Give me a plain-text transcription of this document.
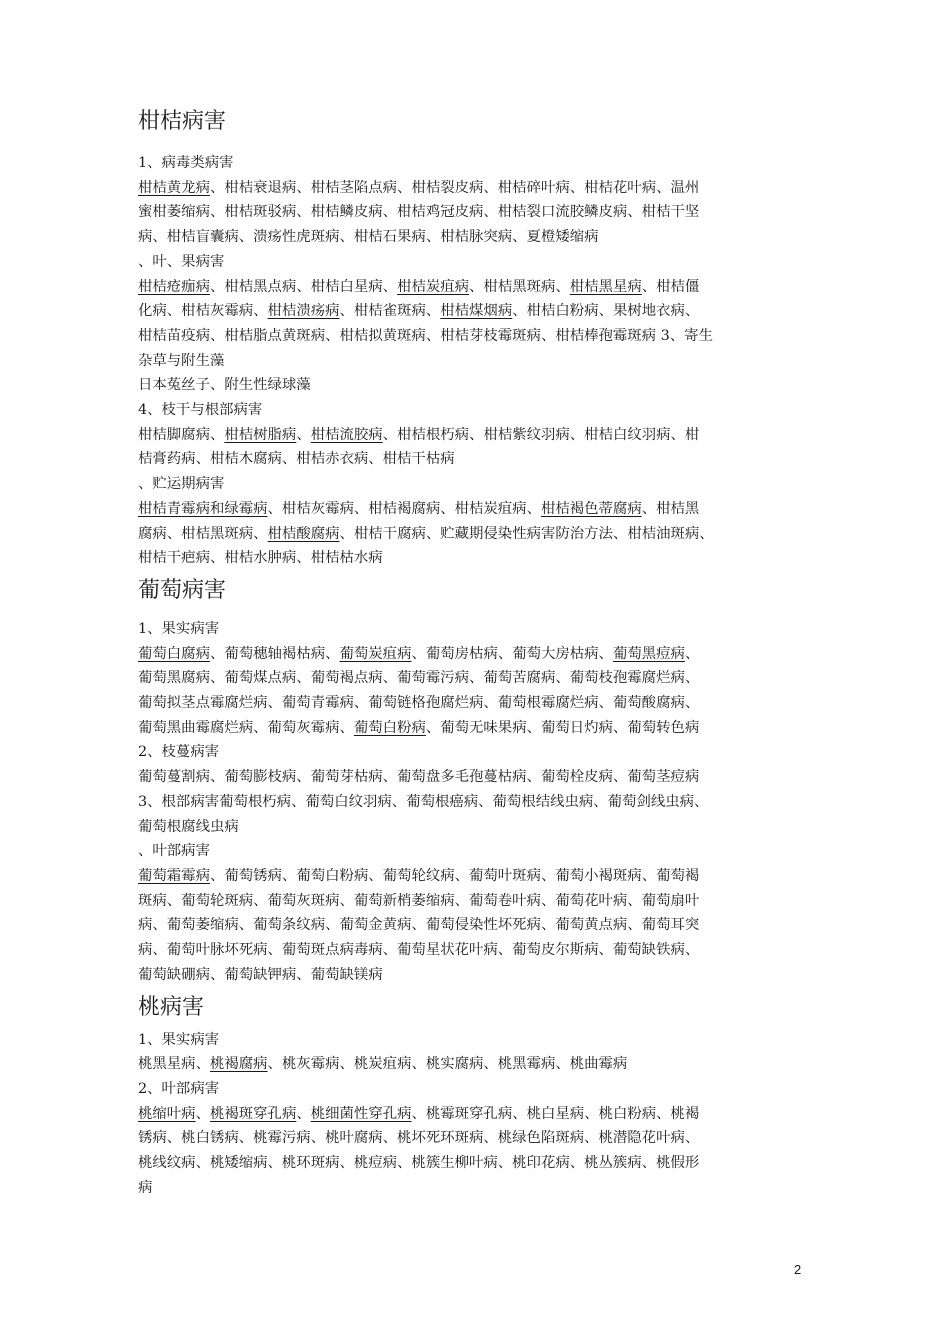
柑桔病害
1、病毒类病害
柑桔黄龙病、柑桔衰退病、柑桔茎陷点病、柑桔裂皮病、柑桔碎叶病、柑桔花叶病、温州
蜜柑萎缩病、柑桔斑驳病、柑桔鳞皮病、柑桔鸡冠皮病、柑桔裂口流胶鳞皮病、柑桔干坚
病、柑桔盲囊病、溃疡性虎斑病、柑桔石果病、柑桔脉突病、夏橙矮缩病
、叶、果病害
柑桔疮痂病、柑桔黑点病、柑桔白星病、柑桔炭疽病、柑桔黑斑病、柑桔黑星病、柑桔僵
化病、柑桔灰霉病、柑桔溃疡病、柑桔雀斑病、柑桔煤烟病、柑桔白粉病、果树地衣病、
柑桔苗疫病、柑桔脂点黄斑病、柑桔拟黄斑病、柑桔芽枝霉斑病、柑桔棒孢霉斑病 3、寄生
杂草与附生藻
日本菟丝子、附生性绿球藻
4、枝干与根部病害
柑桔脚腐病、柑桔树脂病、柑桔流胶病、柑桔根朽病、柑桔紫纹羽病、柑桔白纹羽病、柑
桔膏药病、柑桔木腐病、柑桔赤衣病、柑桔干枯病
、贮运期病害
柑桔青霉病和绿霉病、柑桔灰霉病、柑桔褐腐病、柑桔炭疽病、柑桔褐色蒂腐病、柑桔黑
腐病、柑桔黑斑病、柑桔酸腐病、柑桔干腐病、贮藏期侵染性病害防治方法、柑桔油斑病、
柑桔干疤病、柑桔水肿病、柑桔枯水病
葡萄病害
1、果实病害
葡萄白腐病、葡萄穗轴褐枯病、葡萄炭疽病、葡萄房枯病、葡萄大房枯病、葡萄黑痘病、
葡萄黑腐病、葡萄煤点病、葡萄褐点病、葡萄霉污病、葡萄苦腐病、葡萄枝孢霉腐烂病、
葡萄拟茎点霉腐烂病、葡萄青霉病、葡萄链格孢腐烂病、葡萄根霉腐烂病、葡萄酸腐病、
葡萄黑曲霉腐烂病、葡萄灰霉病、葡萄白粉病、葡萄无味果病、葡萄日灼病、葡萄转色病
2、枝蔓病害
葡萄蔓割病、葡萄膨枝病、葡萄芽枯病、葡萄盘多毛孢蔓枯病、葡萄栓皮病、葡萄茎痘病
3、根部病害葡萄根朽病、葡萄白纹羽病、葡萄根癌病、葡萄根结线虫病、葡萄剑线虫病、
葡萄根腐线虫病
、叶部病害
葡萄霜霉病、葡萄锈病、葡萄白粉病、葡萄轮纹病、葡萄叶斑病、葡萄小褐斑病、葡萄褐
斑病、葡萄轮斑病、葡萄灰斑病、葡萄新梢萎缩病、葡萄卷叶病、葡萄花叶病、葡萄扇叶
病、葡萄萎缩病、葡萄条纹病、葡萄金黄病、葡萄侵染性坏死病、葡萄黄点病、葡萄耳突
病、葡萄叶脉坏死病、葡萄斑点病毒病、葡萄星状花叶病、葡萄皮尔斯病、葡萄缺铁病、
葡萄缺硼病、葡萄缺钾病、葡萄缺镁病
桃病害
1、果实病害
桃黑星病、桃褐腐病、桃灰霉病、桃炭疽病、桃实腐病、桃黑霉病、桃曲霉病
2、叶部病害
桃缩叶病、桃褐斑穿孔病、桃细菌性穿孔病、桃霉斑穿孔病、桃白星病、桃白粉病、桃褐
锈病、桃白锈病、桃霉污病、桃叶腐病、桃坏死环斑病、桃绿色陷斑病、桃潜隐花叶病、
桃线纹病、桃矮缩病、桃环斑病、桃痘病、桃簇生柳叶病、桃印花病、桃丛簇病、桃假形
病
2
